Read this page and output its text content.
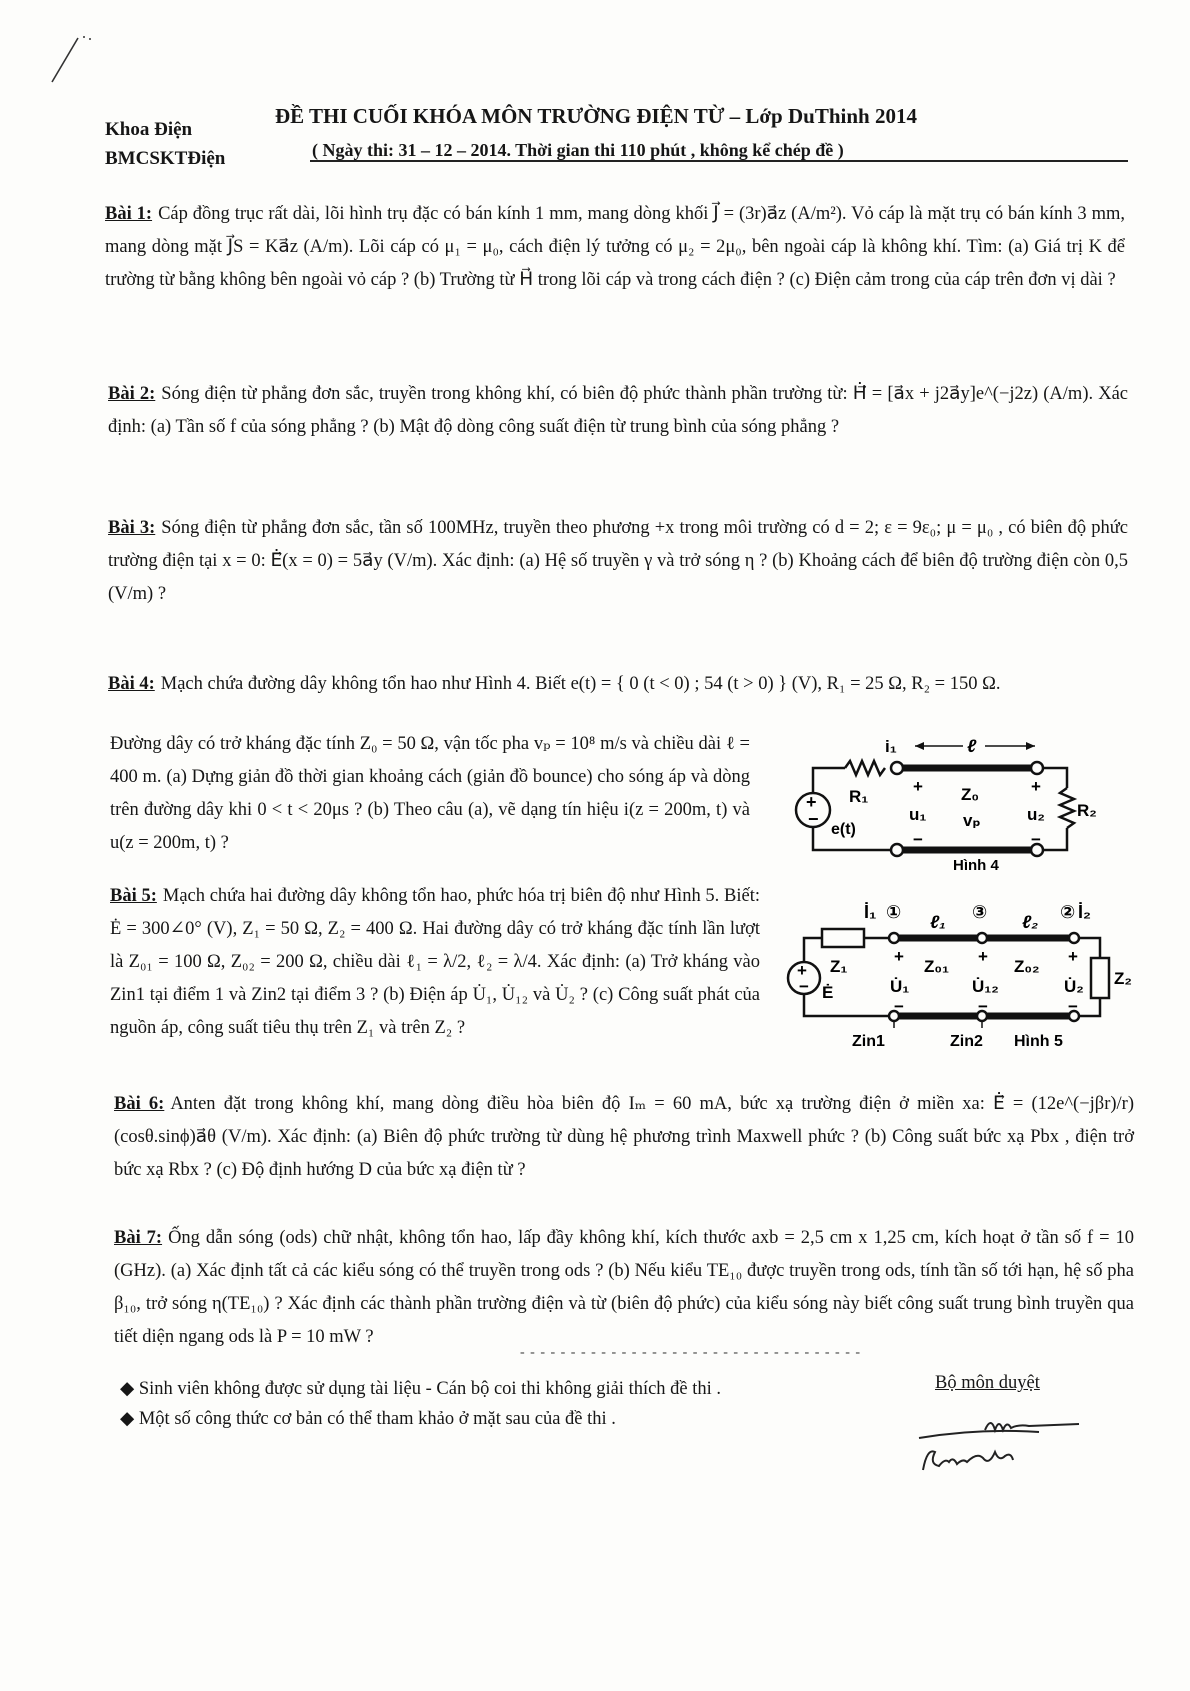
Khoa Điện
BMCSKTĐiện
ĐỀ THI CUỐI KHÓA MÔN TRƯỜNG ĐIỆN TỪ – Lớp DuThinh 2014
( Ngày thi: 31 – 12 – 2014. Thời gian thi 110 phút , không kể chép đề )

Bài 1: Cáp đồng trục rất dài, lõi hình trụ đặc có bán kính 1 mm, mang dòng khối J⃗ = (3r)a⃗z (A/m²). Vỏ cáp là mặt trụ có bán kính 3 mm, mang dòng mặt J⃗S = Ka⃗z (A/m). Lõi cáp có μ₁ = μ₀, cách điện lý tưởng có μ₂ = 2μ₀, bên ngoài cáp là không khí. Tìm: (a) Giá trị K để trường từ bằng không bên ngoài vỏ cáp ? (b) Trường từ H⃗ trong lõi cáp và trong cách điện ? (c) Điện cảm trong của cáp trên đơn vị dài ?

Bài 2: Sóng điện từ phẳng đơn sắc, truyền trong không khí, có biên độ phức thành phần trường từ: Ḣ⃗ = [a⃗x + j2a⃗y]e^(−j2z) (A/m). Xác định: (a) Tần số f của sóng phẳng ? (b) Mật độ dòng công suất điện từ trung bình của sóng phẳng ?

Bài 3: Sóng điện từ phẳng đơn sắc, tần số 100MHz, truyền theo phương +x trong môi trường có d = 2; ε = 9ε₀; μ = μ₀ , có biên độ phức trường điện tại x = 0: Ė⃗(x = 0) = 5a⃗y (V/m). Xác định: (a) Hệ số truyền γ và trở sóng η ? (b) Khoảng cách để biên độ trường điện còn 0,5 (V/m) ?

Bài 4: Mạch chứa đường dây không tổn hao như Hình 4. Biết e(t) = { 0 (t < 0) ; 54 (t > 0) } (V), R₁ = 25 Ω, R₂ = 150 Ω.

Đường dây có trở kháng đặc tính Z₀ = 50 Ω, vận tốc pha vₚ = 10⁸ m/s và chiều dài ℓ = 400 m. (a) Dựng giản đồ thời gian khoảng cách (giản đồ bounce) cho sóng áp và dòng trên đường dây khi 0 < t < 20μs ? (b) Theo câu (a), vẽ dạng tín hiệu i(z = 200m, t) và u(z = 200m, t) ?

+
−
ℓ
i₁
R₁
+
u₁
−
Z₀
vₚ
+
u₂
−
R₂
e(t)
Hình 4

Bài 5: Mạch chứa hai đường dây không tổn hao, phức hóa trị biên độ như Hình 5. Biết: Ė = 300∠0° (V), Z₁ = 50 Ω, Z₂ = 400 Ω. Hai đường dây có trở kháng đặc tính lần lượt là Z₀₁ = 100 Ω, Z₀₂ = 200 Ω, chiều dài ℓ₁ = λ/2, ℓ₂ = λ/4. Xác định: (a) Trở kháng vào Zin1 tại điểm 1 và Zin2 tại điểm 3 ? (b) Điện áp U̇₁, U̇₁₂ và U̇₂ ? (c) Công suất phát của nguồn áp, công suất tiêu thụ trên Z₁ và trên Z₂ ?

+
−
İ₁ ① ℓ₁ ③ ℓ₂ ② İ₂
Z₁
+
U̇₁
−
Z₀₁
+
U̇₁₂
−
Z₀₂
+
U̇₂
−
Z₂
Ė
Zin1	Zin2 Hình 5

Bài 6: Anten đặt trong không khí, mang dòng điều hòa biên độ Iₘ = 60 mA, bức xạ trường điện ở miền xa: Ė⃗ = (12e^(−jβr)/r)(cosθ.sinϕ)a⃗θ (V/m). Xác định: (a) Biên độ phức trường từ dùng hệ phương trình Maxwell phức ? (b) Công suất bức xạ Pbx , điện trở bức xạ Rbx ? (c) Độ định hướng D của bức xạ điện từ ?

Bài 7: Ống dẫn sóng (ods) chữ nhật, không tổn hao, lấp đầy không khí, kích thước axb = 2,5 cm x 1,25 cm, kích hoạt ở tần số f = 10 (GHz). (a) Xác định tất cả các kiểu sóng có thể truyền trong ods ? (b) Nếu kiểu TE₁₀ được truyền trong ods, tính tần số tới hạn, hệ số pha β₁₀, trở sóng η(TE₁₀) ? Xác định các thành phần trường điện và từ (biên độ phức) của kiểu sóng này biết công suất trung bình truyền qua tiết diện ngang ods là P = 10 mW ?

- - - - - - - - - - - - - - - - - - - - - - - - - - - - - - - - - -
◆ Sinh viên không được sử dụng tài liệu - Cán bộ coi thi không giải thích đề thi .
◆ Một số công thức cơ bản có thể tham khảo ở mặt sau của đề thi .
Bộ môn duyệt
